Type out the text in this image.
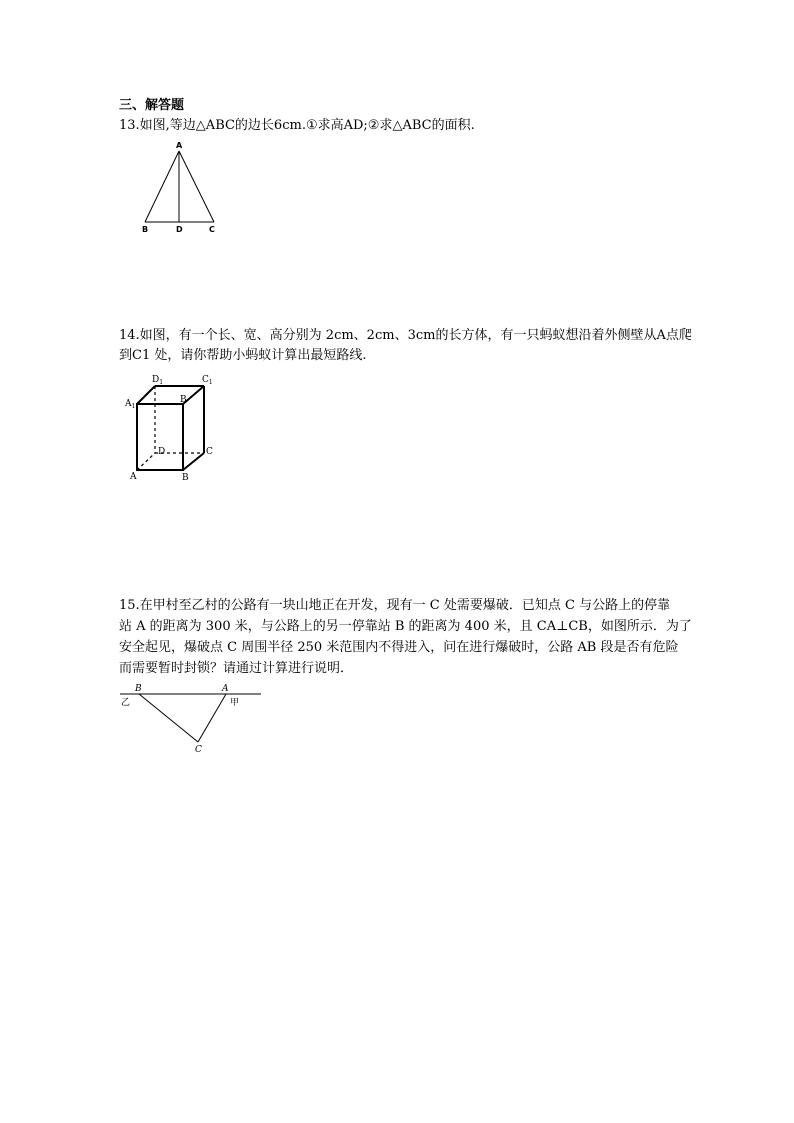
三、解答题
13.如图,等边△ABC的边长6cm.①求高AD;②求△ABC的面积.
A
B	D	C
14.如图，有一个长、宽、高分别为 2cm、2cm、3cm的长方体，有一只蚂蚁想沿着外侧壁从A点爬
到C1 处，请你帮助小蚂蚁计算出最短路线.
$D_1$	$C_1$
$A_1$
B
C
D
A	B
15.在甲村至乙村的公路有一块山地正在开发，现有一 C 处需要爆破．已知点 C 与公路上的停靠
站 A 的距离为 300 米，与公路上的另一停靠站 B 的距离为 400 米，且 CA⊥CB，如图所示．为了
安全起见，爆破点 C 周围半径 250 米范围内不得进入，问在进行爆破时，公路 AB 段是否有危险
而需要暂时封锁？请通过计算进行说明．
B	A
C
乙	甲
